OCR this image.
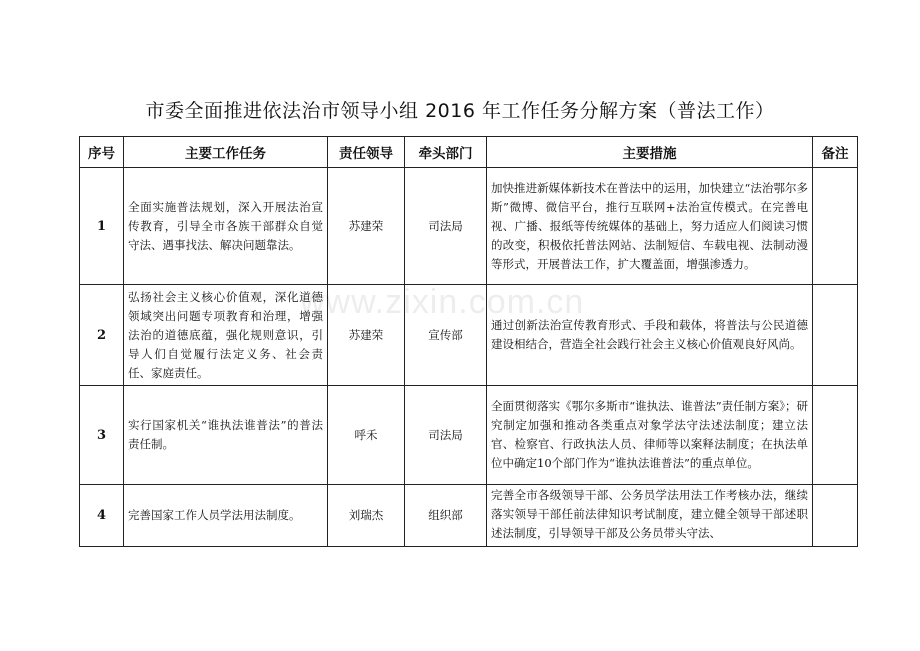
市委全面推进依法治市领导小组 2016 年工作任务分解方案（普法工作）
www.zixin.com.cn
序号	主要工作任务	责任领导	牵头部门	主要措施	备注
1	全面实施普法规划，深入开展法治宣传教育，引导全市各族干部群众自觉守法、遇事找法、解决问题靠法。	苏建荣	司法局	加快推进新媒体新技术在普法中的运用，加快建立“法治鄂尔多斯”微博、微信平台，推行互联网+法治宣传模式。在完善电视、广播、报纸等传统媒体的基础上，努力适应人们阅读习惯的改变，积极依托普法网站、法制短信、车载电视、法制动漫等形式，开展普法工作，扩大覆盖面，增强渗透力。	
2	弘扬社会主义核心价值观，深化道德领域突出问题专项教育和治理，增强法治的道德底蕴，强化规则意识，引导人们自觉履行法定义务、社会责任、家庭责任。	苏建荣	宣传部	通过创新法治宣传教育形式、手段和载体，将普法与公民道德建设相结合，营造全社会践行社会主义核心价值观良好风尚。	
3	实行国家机关“谁执法谁普法”的普法责任制。	呼禾	司法局	全面贯彻落实《鄂尔多斯市“谁执法、谁普法”责任制方案》；研究制定加强和推动各类重点对象学法守法述法制度；建立法官、检察官、行政执法人员、律师等以案释法制度；在执法单位中确定10个部门作为“谁执法谁普法”的重点单位。	
4	完善国家工作人员学法用法制度。	刘瑞杰	组织部	完善全市各级领导干部、公务员学法用法工作考核办法，继续落实领导干部任前法律知识考试制度，建立健全领导干部述职述法制度，引导领导干部及公务员带头守法、	
